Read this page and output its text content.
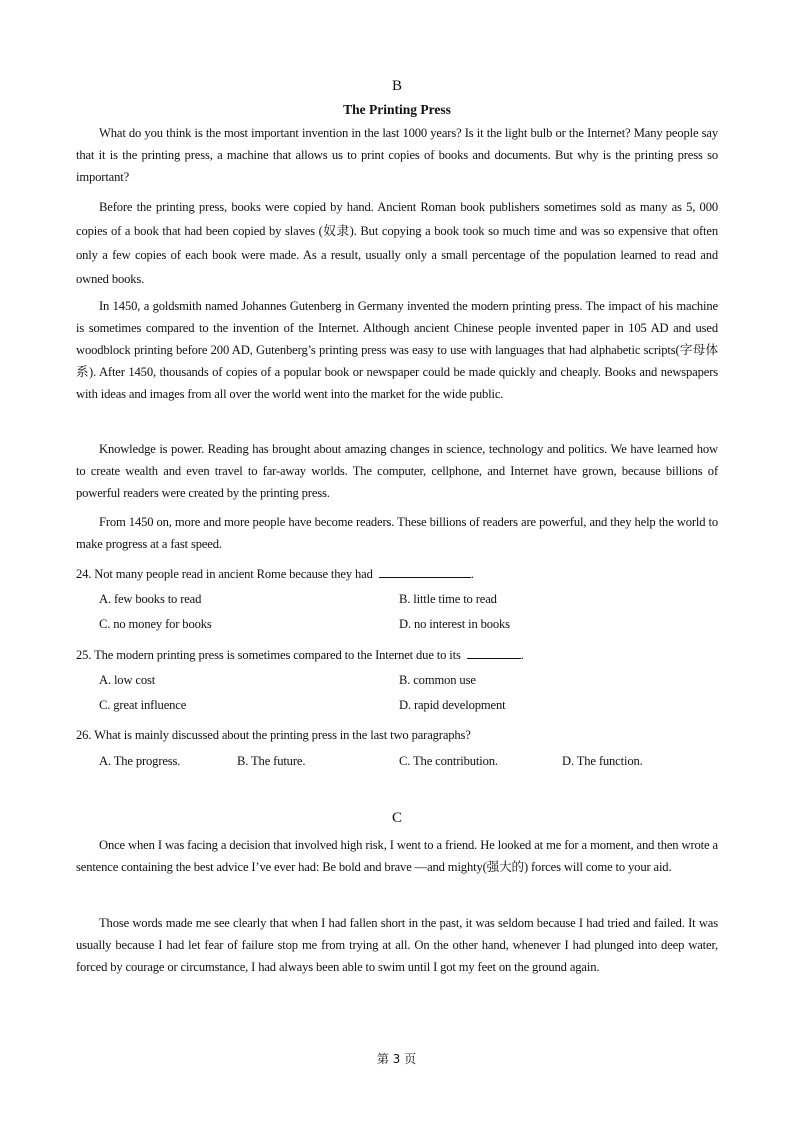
B
The Printing Press

What do you think is the most important invention in the last 1000 years? Is it the light bulb or the Internet? Many people say that it is the printing press, a machine that allows us to print copies of books and documents. But why is the printing press so important?

Before the printing press, books were copied by hand. Ancient Roman book publishers sometimes sold as many as 5, 000 copies of a book that had been copied by slaves (奴隶). But copying a book took so much time and was so expensive that often only a few copies of each book were made. As a result, usually only a small percentage of the population learned to read and owned books.

In 1450, a goldsmith named Johannes Gutenberg in Germany invented the modern printing press. The impact of his machine is sometimes compared to the invention of the Internet. Although ancient Chinese people invented paper in 105 AD and used woodblock printing before 200 AD, Gutenberg’s printing press was easy to use with languages that had alphabetic scripts(字母体系). After 1450, thousands of copies of a popular book or newspaper could be made quickly and cheaply. Books and newspapers with ideas and images from all over the world went into the market for the wide public.

Knowledge is power. Reading has brought about amazing changes in science, technology and politics. We have learned how to create wealth and even travel to far-away worlds. The computer, cellphone, and Internet have grown, because billions of powerful readers were created by the printing press.

From 1450 on, more and more people have become readers. These billions of readers are powerful, and they help the world to make progress at a fast speed.

24. Not many people read in ancient Rome because they had	.
A. few books to read	B. little time to read
C. no money for books	D. no interest in books
25. The modern printing press is sometimes compared to the Internet due to its	.
A. low cost	B. common use
C. great influence	D. rapid development
26. What is mainly discussed about the printing press in the last two paragraphs?
A. The progress.	B. The future.	C. The contribution.	D. The function.
C

Once when I was facing a decision that involved high risk, I went to a friend. He looked at me for a moment, and then wrote a sentence containing the best advice I’ve ever had: Be bold and brave —and mighty(强大的) forces will come to your aid.

Those words made me see clearly that when I had fallen short in the past, it was seldom because I had tried and failed. It was usually because I had let fear of failure stop me from trying at all. On the other hand, whenever I had plunged into deep water, forced by courage or circumstance, I had always been able to swim until I got my feet on the ground again.

第 3 页
